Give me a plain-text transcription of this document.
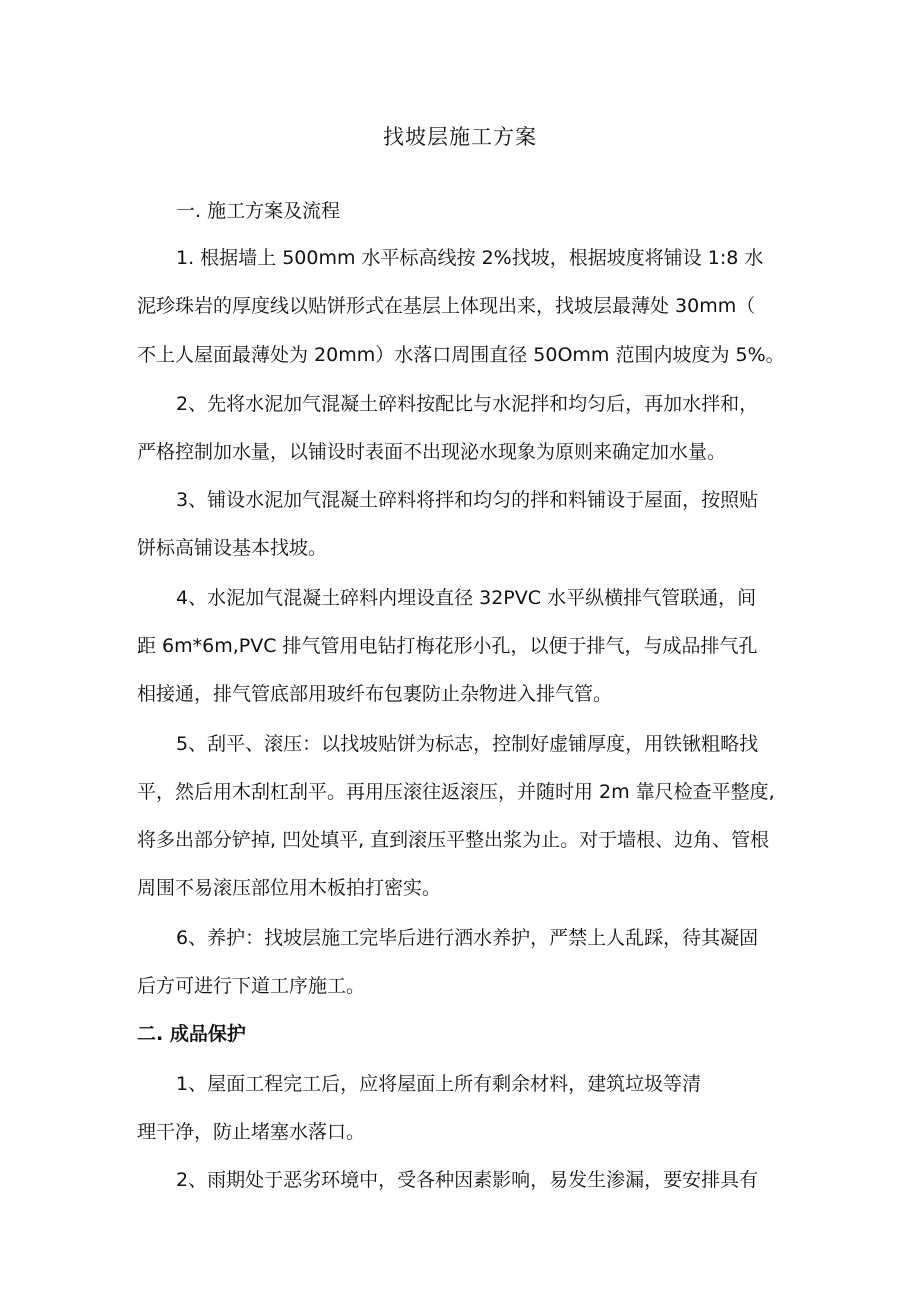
找坡层施工方案
一. 施工方案及流程
1. 根据墙上 500mm 水平标高线按 2%找坡，根据坡度将铺设 1:8 水
泥珍珠岩的厚度线以贴饼形式在基层上体现出来，找坡层最薄处 30mm（
不上人屋面最薄处为 20mm）水落口周围直径 50Omm 范围内坡度为 5%。
2、先将水泥加气混凝土碎料按配比与水泥拌和均匀后，再加水拌和，
严格控制加水量，以铺设时表面不出现泌水现象为原则来确定加水量。
3、铺设水泥加气混凝土碎料将拌和均匀的拌和料铺设于屋面，按照贴
饼标高铺设基本找坡。
4、水泥加气混凝土碎料内埋设直径 32PVC 水平纵横排气管联通，间
距 6m*6m,PVC 排气管用电钻打梅花形小孔，以便于排气，与成品排气孔
相接通，排气管底部用玻纤布包裹防止杂物进入排气管。
5、刮平、滚压：以找坡贴饼为标志，控制好虚铺厚度，用铁锹粗略找
平，然后用木刮杠刮平。再用压滚往返滚压，并随时用 2m 靠尺检查平整度,
将多出部分铲掉, 凹处填平, 直到滚压平整出浆为止。对于墙根、边角、管根
周围不易滚压部位用木板拍打密实。
6、养护：找坡层施工完毕后进行洒水养护，严禁上人乱踩，待其凝固
后方可进行下道工序施工。
二. 成品保护
1、屋面工程完工后，应将屋面上所有剩余材料，建筑垃圾等清
理干净，防止堵塞水落口。
2、雨期处于恶劣环境中，受各种因素影响，易发生渗漏，要安排具有
